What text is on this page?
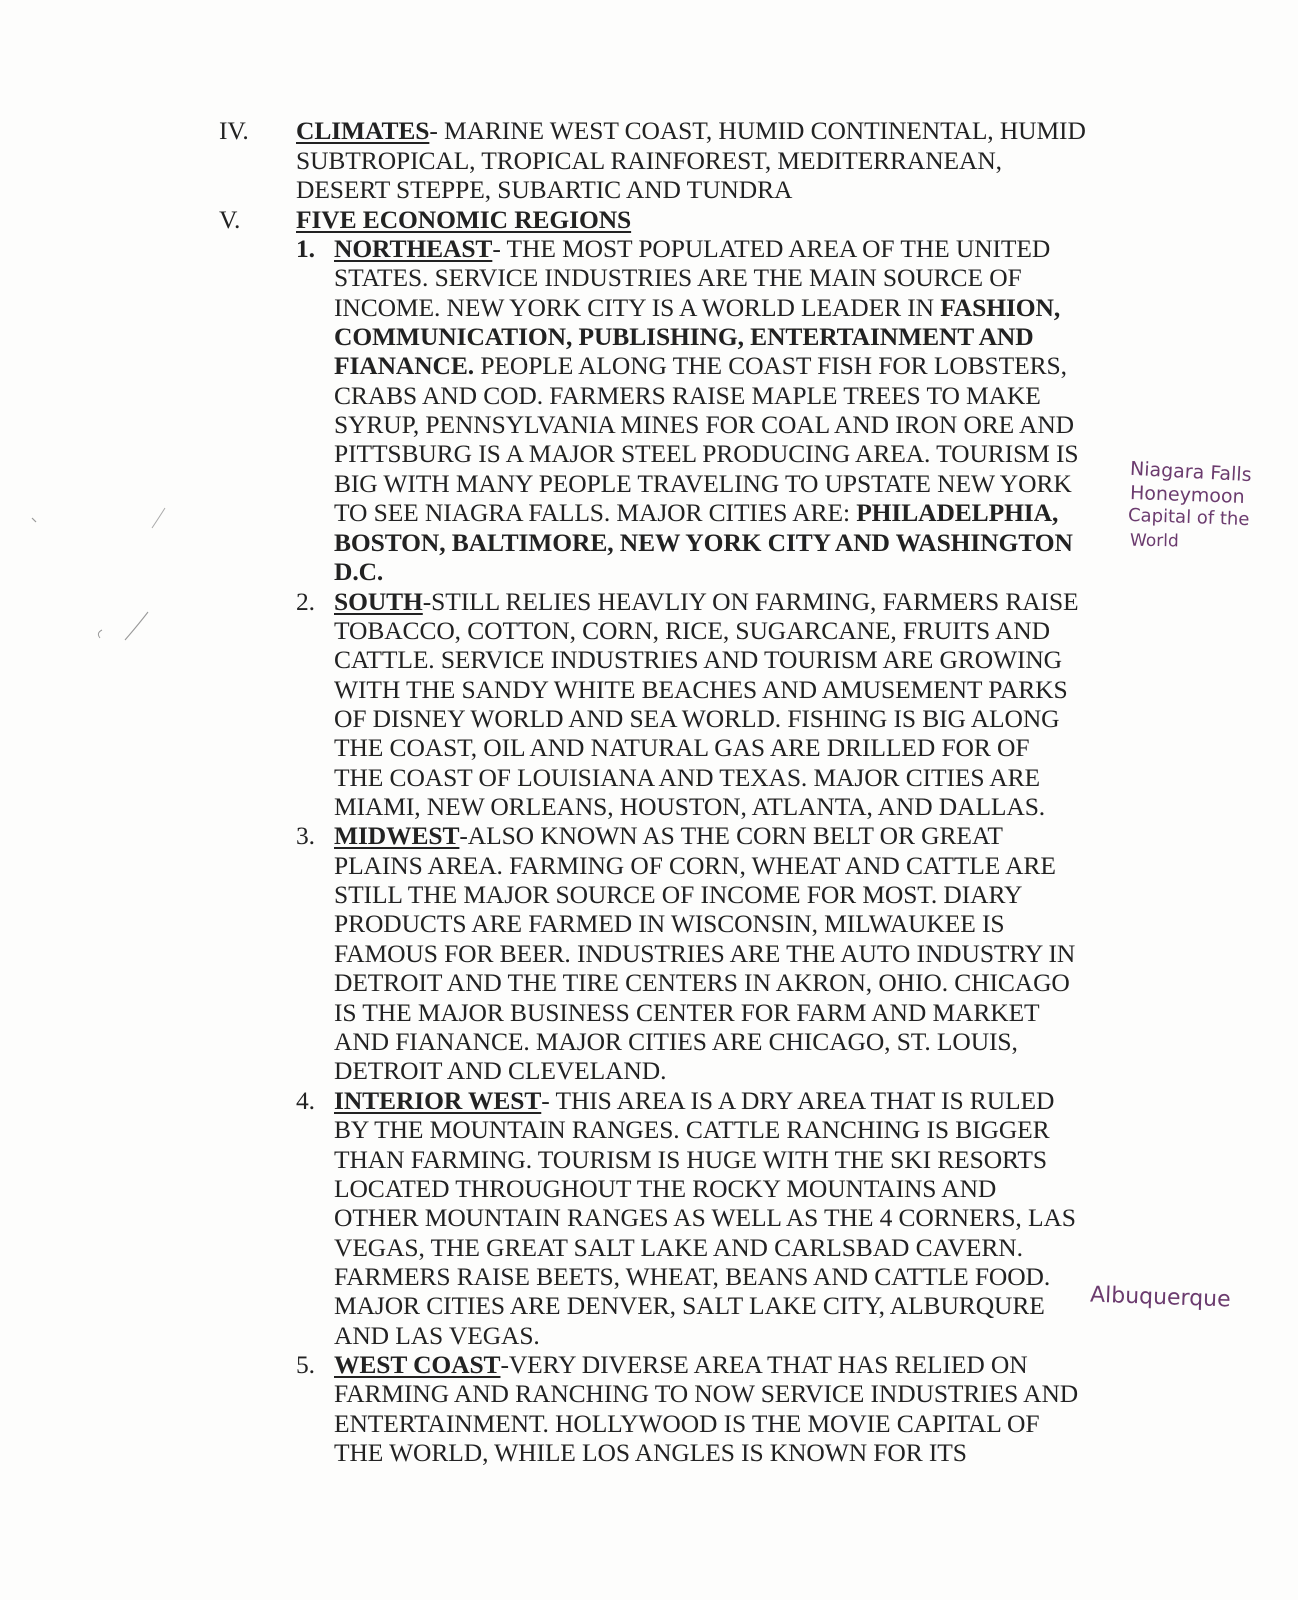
IV. CLIMATES- MARINE WEST COAST, HUMID CONTINENTAL, HUMID
SUBTROPICAL, TROPICAL RAINFOREST, MEDITERRANEAN,
DESERT STEPPE, SUBARTIC AND TUNDRA
V. FIVE ECONOMIC REGIONS
1. NORTHEAST- THE MOST POPULATED AREA OF THE UNITED
STATES. SERVICE INDUSTRIES ARE THE MAIN SOURCE OF
INCOME. NEW YORK CITY IS A WORLD LEADER IN FASHION,
COMMUNICATION, PUBLISHING, ENTERTAINMENT AND
FIANANCE. PEOPLE ALONG THE COAST FISH FOR LOBSTERS,
CRABS AND COD. FARMERS RAISE MAPLE TREES TO MAKE
SYRUP, PENNSYLVANIA MINES FOR COAL AND IRON ORE AND
PITTSBURG IS A MAJOR STEEL PRODUCING AREA. TOURISM IS
BIG WITH MANY PEOPLE TRAVELING TO UPSTATE NEW YORK
TO SEE NIAGRA FALLS. MAJOR CITIES ARE: PHILADELPHIA,
BOSTON, BALTIMORE, NEW YORK CITY AND WASHINGTON
D.C.
2. SOUTH-STILL RELIES HEAVLIY ON FARMING, FARMERS RAISE
TOBACCO, COTTON, CORN, RICE, SUGARCANE, FRUITS AND
CATTLE. SERVICE INDUSTRIES AND TOURISM ARE GROWING
WITH THE SANDY WHITE BEACHES AND AMUSEMENT PARKS
OF DISNEY WORLD AND SEA WORLD. FISHING IS BIG ALONG
THE COAST, OIL AND NATURAL GAS ARE DRILLED FOR OF
THE COAST OF LOUISIANA AND TEXAS. MAJOR CITIES ARE
MIAMI, NEW ORLEANS, HOUSTON, ATLANTA, AND DALLAS.
3. MIDWEST-ALSO KNOWN AS THE CORN BELT OR GREAT
PLAINS AREA. FARMING OF CORN, WHEAT AND CATTLE ARE
STILL THE MAJOR SOURCE OF INCOME FOR MOST. DIARY
PRODUCTS ARE FARMED IN WISCONSIN, MILWAUKEE IS
FAMOUS FOR BEER. INDUSTRIES ARE THE AUTO INDUSTRY IN
DETROIT AND THE TIRE CENTERS IN AKRON, OHIO. CHICAGO
IS THE MAJOR BUSINESS CENTER FOR FARM AND MARKET
AND FIANANCE. MAJOR CITIES ARE CHICAGO, ST. LOUIS,
DETROIT AND CLEVELAND.
4. INTERIOR WEST- THIS AREA IS A DRY AREA THAT IS RULED
BY THE MOUNTAIN RANGES. CATTLE RANCHING IS BIGGER
THAN FARMING. TOURISM IS HUGE WITH THE SKI RESORTS
LOCATED THROUGHOUT THE ROCKY MOUNTAINS AND
OTHER MOUNTAIN RANGES AS WELL AS THE 4 CORNERS, LAS
VEGAS, THE GREAT SALT LAKE AND CARLSBAD CAVERN.
FARMERS RAISE BEETS, WHEAT, BEANS AND CATTLE FOOD.
MAJOR CITIES ARE DENVER, SALT LAKE CITY, ALBURQURE
AND LAS VEGAS.
5. WEST COAST-VERY DIVERSE AREA THAT HAS RELIED ON
FARMING AND RANCHING TO NOW SERVICE INDUSTRIES AND
ENTERTAINMENT. HOLLYWOOD IS THE MOVIE CAPITAL OF
THE WORLD, WHILE LOS ANGLES IS KNOWN FOR ITS
Niagara Falls
Honeymoon
Capital of the
World
Albuquerque
